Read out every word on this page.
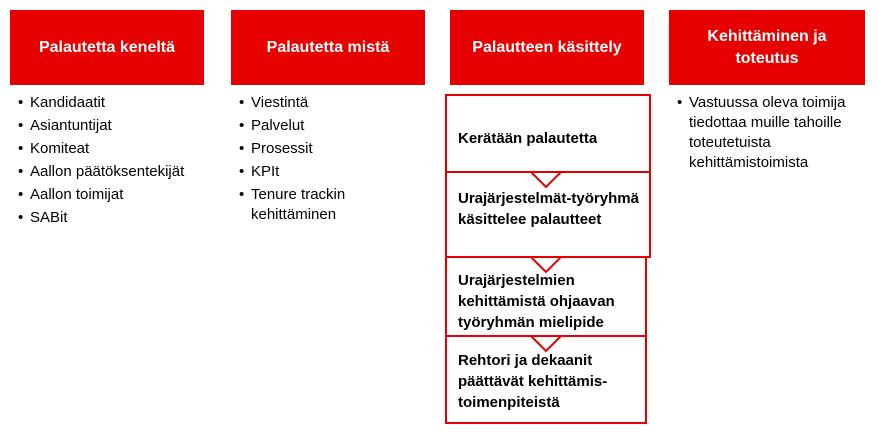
Palautetta keneltä	Palautetta mistä	Palautteen käsittely
Kehittäminen ja toteutus
• Kandidaatit
• Asiantuntijat
• Komiteat
• Aallon päätöksentekijät
• Aallon toimijat
• SABit
• Viestintä
• Palvelut
• Prosessit
• KPIt
• Tenure trackin kehittäminen
Kerätään palautetta
Urajärjestelmät-työryhmä käsittelee palautteet
Urajärjestelmien kehittämistä ohjaavan työryhmän mielipide
Rehtori ja dekaanit päättävät kehittämis-toimenpiteistä
• Vastuussa oleva toimija tiedottaa muille tahoille toteutetuista kehittämistoimista
